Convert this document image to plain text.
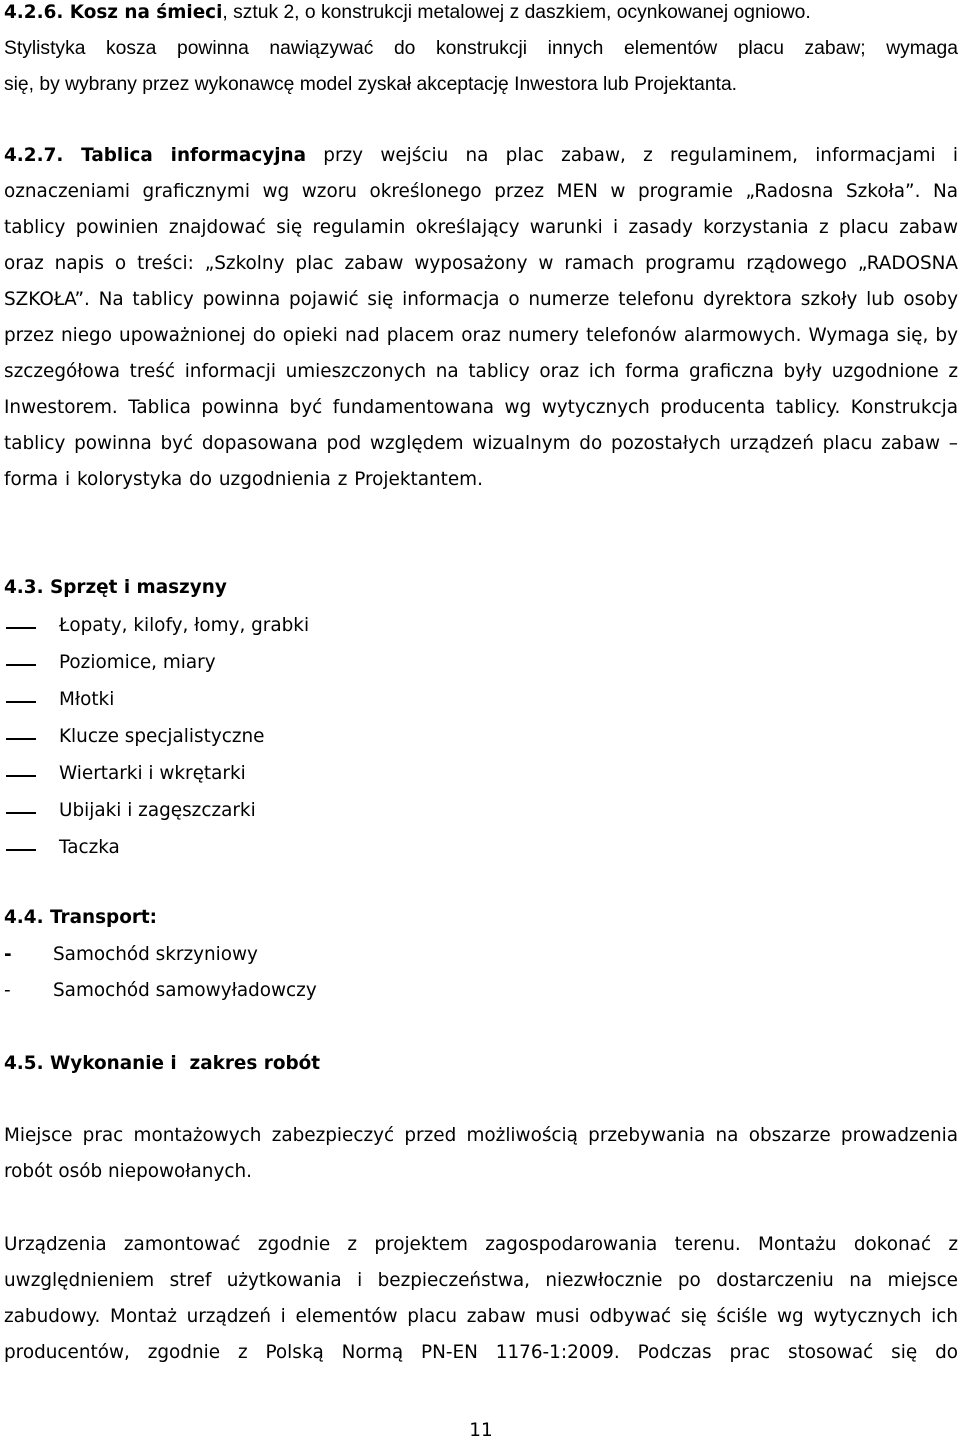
4.2.6. Kosz na śmieci, sztuk 2, o konstrukcji metalowej z daszkiem, ocynkowanej ogniowo.

Stylistyka kosza powinna nawiązywać do konstrukcji innych elementów placu zabaw; wymaga

się, by wybrany przez wykonawcę model zyskał akceptację Inwestora lub Projektanta.

4.2.7. Tablica informacyjna przy wejściu na plac zabaw, z regulaminem, informacjami i oznaczeniami graficznymi wg wzoru określonego przez MEN w programie „Radosna Szkoła”. Na tablicy powinien znajdować się regulamin określający warunki i zasady korzystania z placu zabaw oraz napis o treści: „Szkolny plac zabaw wyposażony w ramach programu rządowego „RADOSNA SZKOŁA”. Na tablicy powinna pojawić się informacja o numerze telefonu dyrektora szkoły lub osoby przez niego upoważnionej do opieki nad placem oraz numery telefonów alarmowych. Wymaga się, by szczegółowa treść informacji umieszczonych na tablicy oraz ich forma graficzna były uzgodnione z Inwestorem. Tablica powinna być fundamentowana wg wytycznych producenta tablicy. Konstrukcja tablicy powinna być dopasowana pod względem wizualnym do pozostałych urządzeń placu zabaw – forma i kolorystyka do uzgodnienia z Projektantem.

4.3. Sprzęt i maszyny
Łopaty, kilofy, łomy, grabki
Poziomice, miary
Młotki
Klucze specjalistyczne
Wiertarki i wkrętarki
Ubijaki i zagęszczarki
Taczka
4.4. Transport:
- Samochód skrzyniowy
- Samochód samowyładowczy
4.5. Wykonanie i  zakres robót

Miejsce prac montażowych zabezpieczyć przed możliwością przebywania na obszarze prowadzenia robót osób niepowołanych.

Urządzenia zamontować zgodnie z projektem zagospodarowania terenu. Montażu dokonać z uwzględnieniem stref użytkowania i bezpieczeństwa, niezwłocznie po dostarczeniu na miejsce zabudowy. Montaż urządzeń i elementów placu zabaw musi odbywać się ściśle wg wytycznych ich producentów, zgodnie z Polską Normą PN-EN 1176-1:2009. Podczas prac stosować się do

11
